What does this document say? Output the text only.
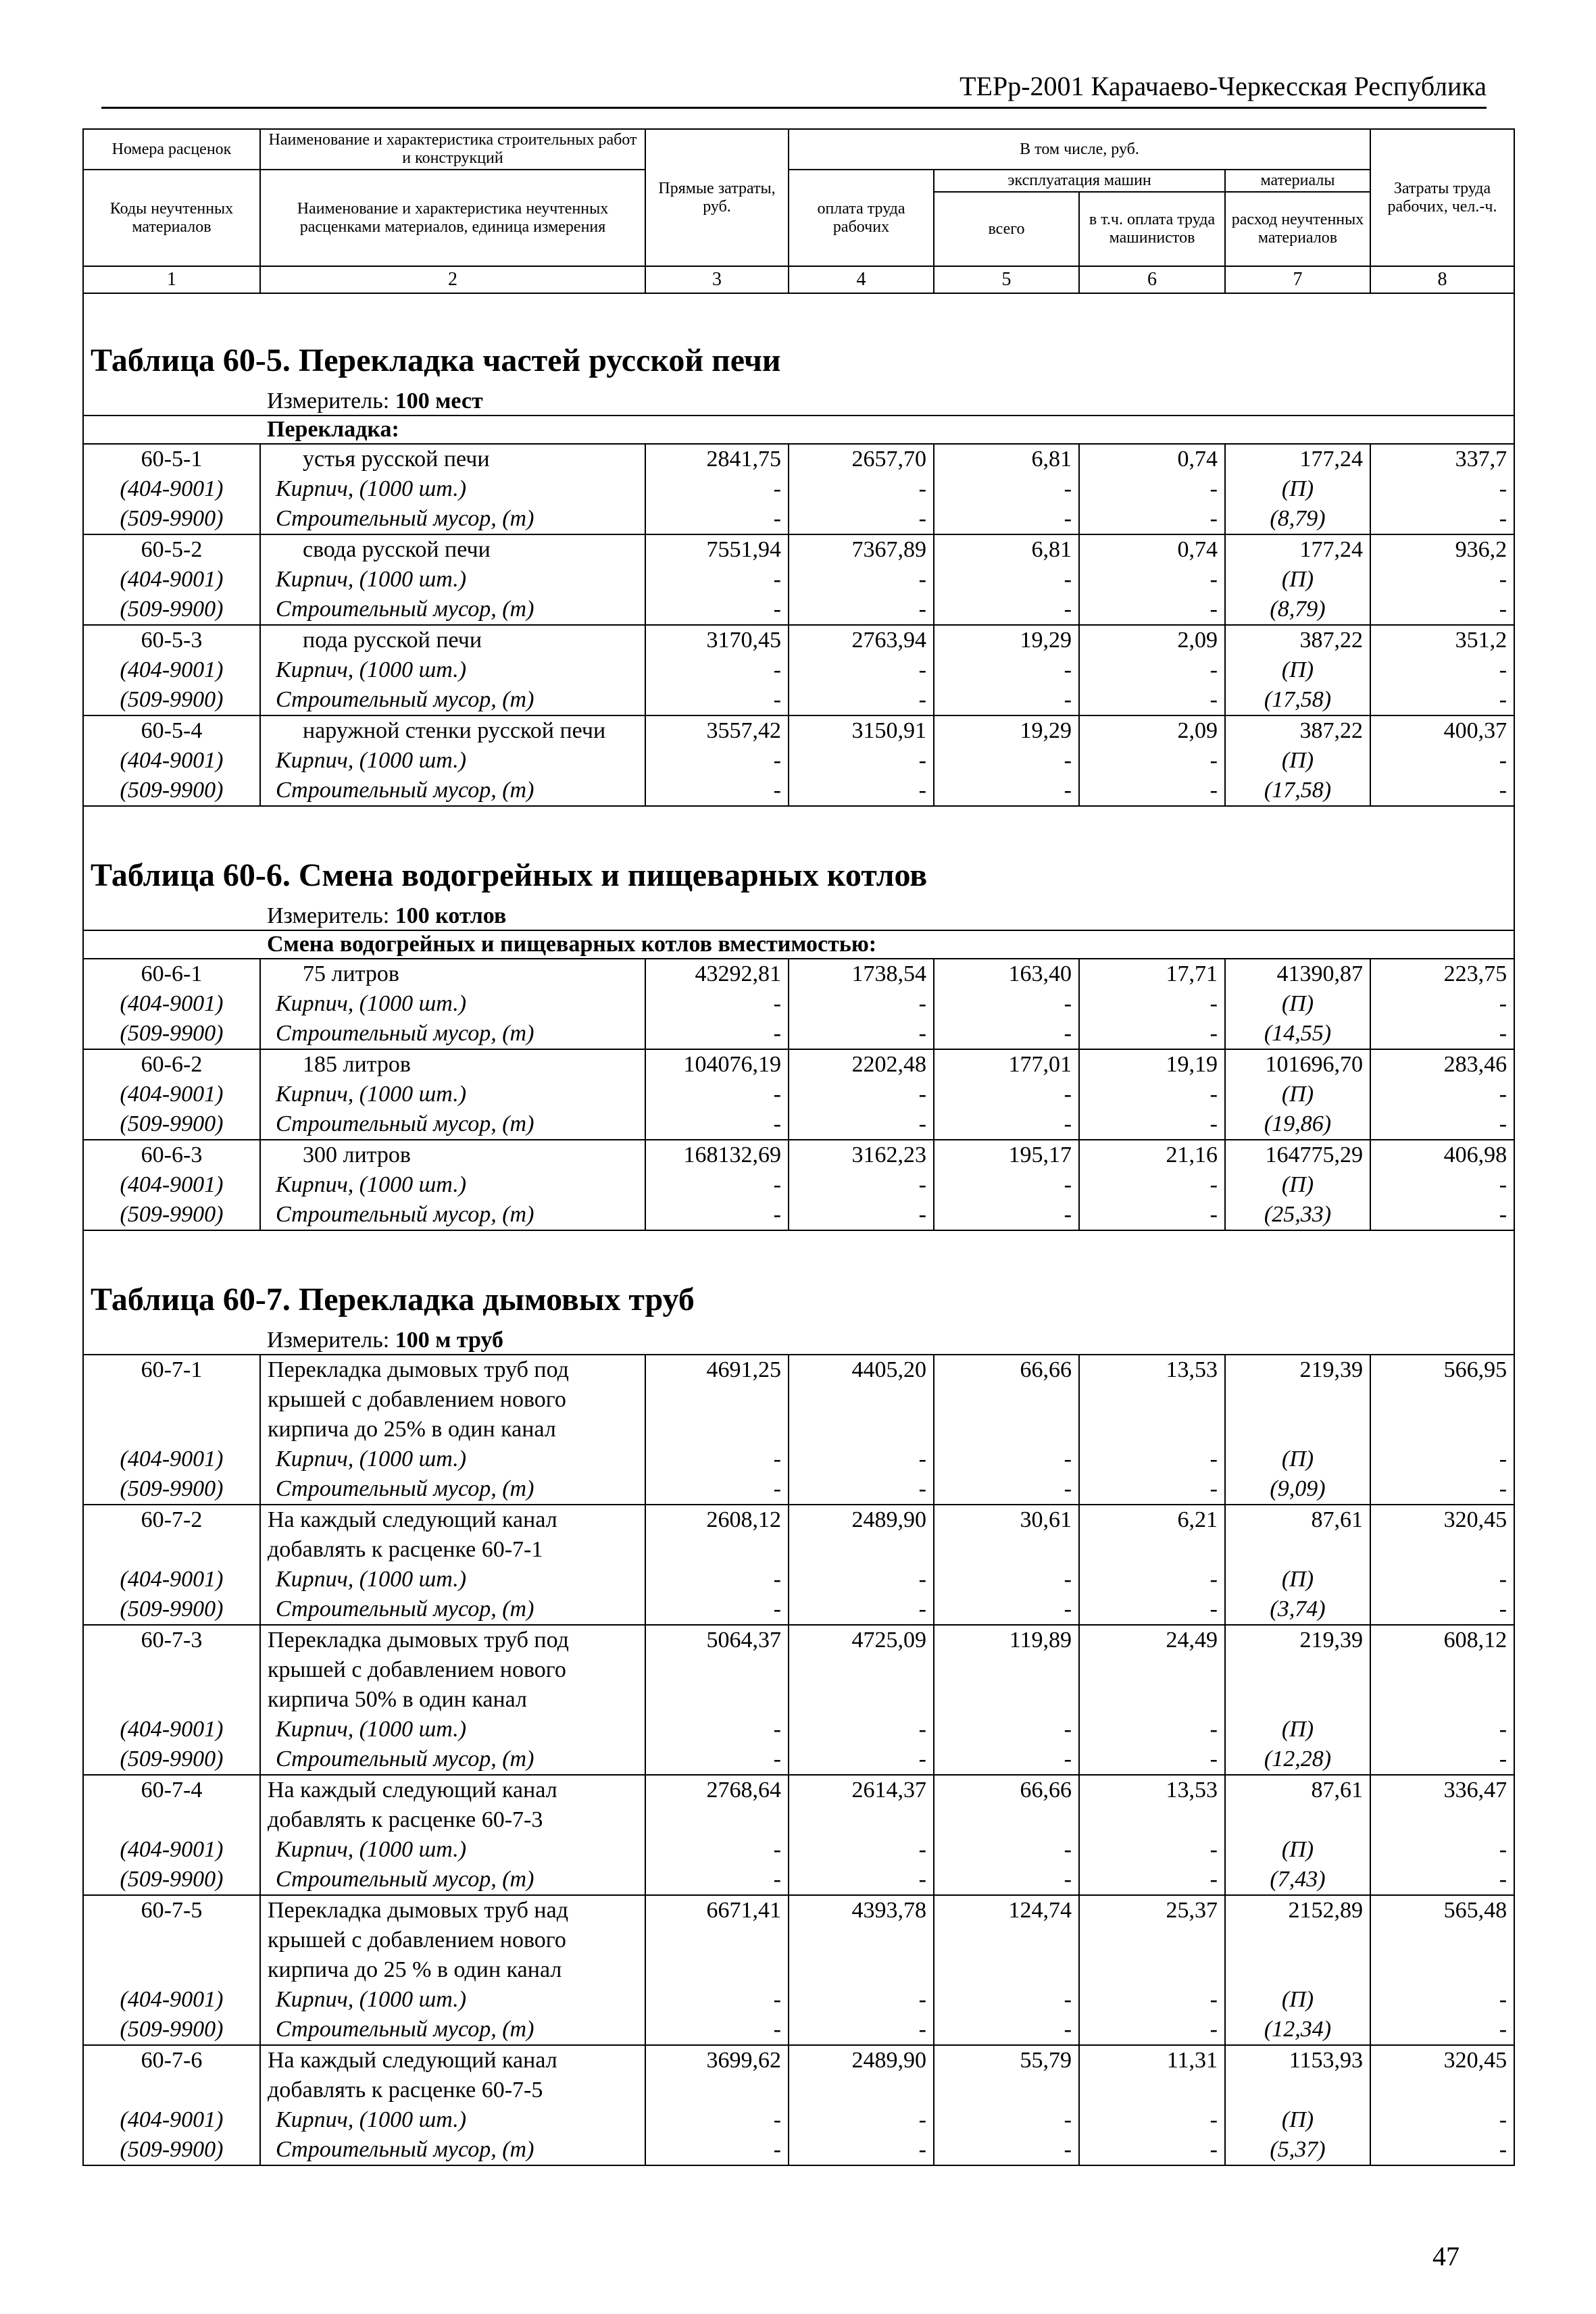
ТЕРр-2001 Карачаево-Черкесская Республика
Номера расценок	Наименование и характеристика строительных работ и конструкций	Прямые затраты, руб.	В том числе, руб.				Затраты труда рабочих, чел.-ч.
Коды неучтенных материалов	Наименование и характеристика неучтенных расценками материалов, единица измерения		оплата труда рабочих	эксплуатация машин		материалы	
				всего	в т.ч. оплата труда машинистов	расход неучтенных материалов	
1	2	3	4	5	6	7	8
Таблица 60-5. Перекладка частей русской печи							
	Измеритель: 100 мест						
	Перекладка:						
60-5-1	устья русской печи	2841,75	2657,70	6,81	0,74	177,24	337,7
(404-9001)	Кирпич, (1000 шт.)	-	-	-	-	(П)	-
(509-9900)	Строительный мусор, (т)	-	-	-	-	(8,79)	-
60-5-2	свода русской печи	7551,94	7367,89	6,81	0,74	177,24	936,2
(404-9001)	Кирпич, (1000 шт.)	-	-	-	-	(П)	-
(509-9900)	Строительный мусор, (т)	-	-	-	-	(8,79)	-
60-5-3	пода русской печи	3170,45	2763,94	19,29	2,09	387,22	351,2
(404-9001)	Кирпич, (1000 шт.)	-	-	-	-	(П)	-
(509-9900)	Строительный мусор, (т)	-	-	-	-	(17,58)	-
60-5-4	наружной стенки русской печи	3557,42	3150,91	19,29	2,09	387,22	400,37
(404-9001)	Кирпич, (1000 шт.)	-	-	-	-	(П)	-
(509-9900)	Строительный мусор, (т)	-	-	-	-	(17,58)	-
Таблица 60-6. Смена водогрейных и пищеварных котлов							
	Измеритель: 100 котлов						
	Смена водогрейных и пищеварных котлов вместимостью:						
60-6-1	75 литров	43292,81	1738,54	163,40	17,71	41390,87	223,75
(404-9001)	Кирпич, (1000 шт.)	-	-	-	-	(П)	-
(509-9900)	Строительный мусор, (т)	-	-	-	-	(14,55)	-
60-6-2	185 литров	104076,19	2202,48	177,01	19,19	101696,70	283,46
(404-9001)	Кирпич, (1000 шт.)	-	-	-	-	(П)	-
(509-9900)	Строительный мусор, (т)	-	-	-	-	(19,86)	-
60-6-3	300 литров	168132,69	3162,23	195,17	21,16	164775,29	406,98
(404-9001)	Кирпич, (1000 шт.)	-	-	-	-	(П)	-
(509-9900)	Строительный мусор, (т)	-	-	-	-	(25,33)	-
Таблица 60-7. Перекладка дымовых труб							
	Измеритель: 100 м труб						
60-7-1	Перекладка дымовых труб под крышей с добавлением нового кирпича до 25% в один канал	4691,25	4405,20	66,66	13,53	219,39	566,95
(404-9001)	Кирпич, (1000 шт.)	-	-	-	-	(П)	-
(509-9900)	Строительный мусор, (т)	-	-	-	-	(9,09)	-
60-7-2	На каждый следующий канал добавлять к расценке 60-7-1	2608,12	2489,90	30,61	6,21	87,61	320,45
(404-9001)	Кирпич, (1000 шт.)	-	-	-	-	(П)	-
(509-9900)	Строительный мусор, (т)	-	-	-	-	(3,74)	-
60-7-3	Перекладка дымовых труб под крышей с добавлением нового кирпича 50% в один канал	5064,37	4725,09	119,89	24,49	219,39	608,12
(404-9001)	Кирпич, (1000 шт.)	-	-	-	-	(П)	-
(509-9900)	Строительный мусор, (т)	-	-	-	-	(12,28)	-
60-7-4	На каждый следующий канал добавлять к расценке 60-7-3	2768,64	2614,37	66,66	13,53	87,61	336,47
(404-9001)	Кирпич, (1000 шт.)	-	-	-	-	(П)	-
(509-9900)	Строительный мусор, (т)	-	-	-	-	(7,43)	-
60-7-5	Перекладка дымовых труб над крышей с добавлением нового кирпича до 25 % в один канал	6671,41	4393,78	124,74	25,37	2152,89	565,48
(404-9001)	Кирпич, (1000 шт.)	-	-	-	-	(П)	-
(509-9900)	Строительный мусор, (т)	-	-	-	-	(12,34)	-
60-7-6	На каждый следующий канал добавлять к расценке 60-7-5	3699,62	2489,90	55,79	11,31	1153,93	320,45
(404-9001)	Кирпич, (1000 шт.)	-	-	-	-	(П)	-
(509-9900)	Строительный мусор, (т)	-	-	-	-	(5,37)	-
47
